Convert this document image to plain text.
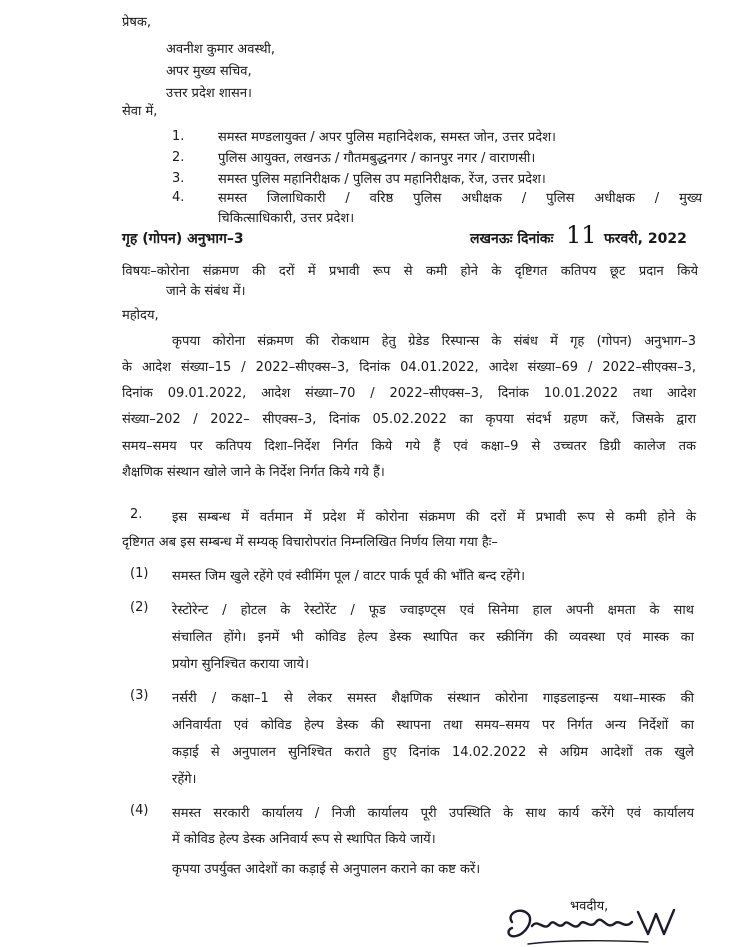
प्रेषक,
अवनीश कुमार अवस्थी,
अपर मुख्य सचिव,
उत्तर प्रदेश शासन।
सेवा में,
1.	समस्त मण्डलायुक्त / अपर पुलिस महानिदेशक, समस्त जोन, उत्तर प्रदेश।
2.	पुलिस आयुक्त, लखनऊ / गौतमबुद्धनगर / कानपुर नगर / वाराणसी।
3.	समस्त पुलिस महानिरीक्षक / पुलिस उप महानिरीक्षक, रेंज, उत्तर प्रदेश।
4.	समस्त जिलाधिकारी / वरिष्ठ पुलिस अधीक्षक / पुलिस अधीक्षक / मुख्य
चिकित्साधिकारी, उत्तर प्रदेश।
गृह (गोपन) अनुभाग–3	लखनऊः दिनांकः 11 फरवरी, 2022
विषयः–कोरोना संक्रमण की दरों में प्रभावी रूप से कमी होने के दृष्टिगत कतिपय छूट प्रदान किये
जाने के संबंध में।
महोदय,
कृपया कोरोना संक्रमण की रोकथाम हेतु ग्रेडेड रिस्पान्स के संबंध में गृह (गोपन) अनुभाग–3
के आदेश संख्या–15 / 2022–सीएक्स–3, दिनांक 04.01.2022, आदेश संख्या–69 / 2022–सीएक्स–3,
दिनांक 09.01.2022, आदेश संख्या–70 / 2022–सीएक्स–3, दिनांक 10.01.2022 तथा आदेश
संख्या–202 / 2022– सीएक्स–3, दिनांक 05.02.2022 का कृपया संदर्भ ग्रहण करें, जिसके द्वारा
समय–समय पर कतिपय दिशा–निर्देश निर्गत किये गये हैं एवं कक्षा–9 से उच्चतर डिग्री कालेज तक
शैक्षणिक संस्थान खोले जाने के निर्देश निर्गत किये गये हैं।
2. इस सम्बन्ध में वर्तमान में प्रदेश में कोरोना संक्रमण की दरों में प्रभावी रूप से कमी होने के
दृष्टिगत अब इस सम्बन्ध में सम्यक् विचारोपरांत निम्नलिखित निर्णय लिया गया हैः–
(1) समस्त जिम खुले रहेंगे एवं स्वीमिंग पूल / वाटर पार्क पूर्व की भाँति बन्द रहेंगे।
(2) रेस्टोरेन्ट / होटल के रेस्टोरेंट / फूड ज्वाइण्ट्स एवं सिनेमा हाल अपनी क्षमता के साथ
संचालित होंगे। इनमें भी कोविड हेल्प डेस्क स्थापित कर स्क्रीनिंग की व्यवस्था एवं मास्क का
प्रयोग सुनिश्चित कराया जाये।
(3) नर्सरी / कक्षा–1 से लेकर समस्त शैक्षणिक संस्थान कोरोना गाइडलाइन्स यथा–मास्क की
अनिवार्यता एवं कोविड हेल्प डेस्क की स्थापना तथा समय–समय पर निर्गत अन्य निर्देशों का
कड़ाई से अनुपालन सुनिश्चित कराते हुए दिनांक 14.02.2022 से अग्रिम आदेशों तक खुले
रहेंगे।
(4) समस्त सरकारी कार्यालय / निजी कार्यालय पूरी उपस्थिति के साथ कार्य करेंगे एवं कार्यालय
में कोविड हेल्प डेस्क अनिवार्य रूप से स्थापित किये जायें।
कृपया उपर्युक्त आदेशों का कड़ाई से अनुपालन कराने का कष्ट करें।
भवदीय,
